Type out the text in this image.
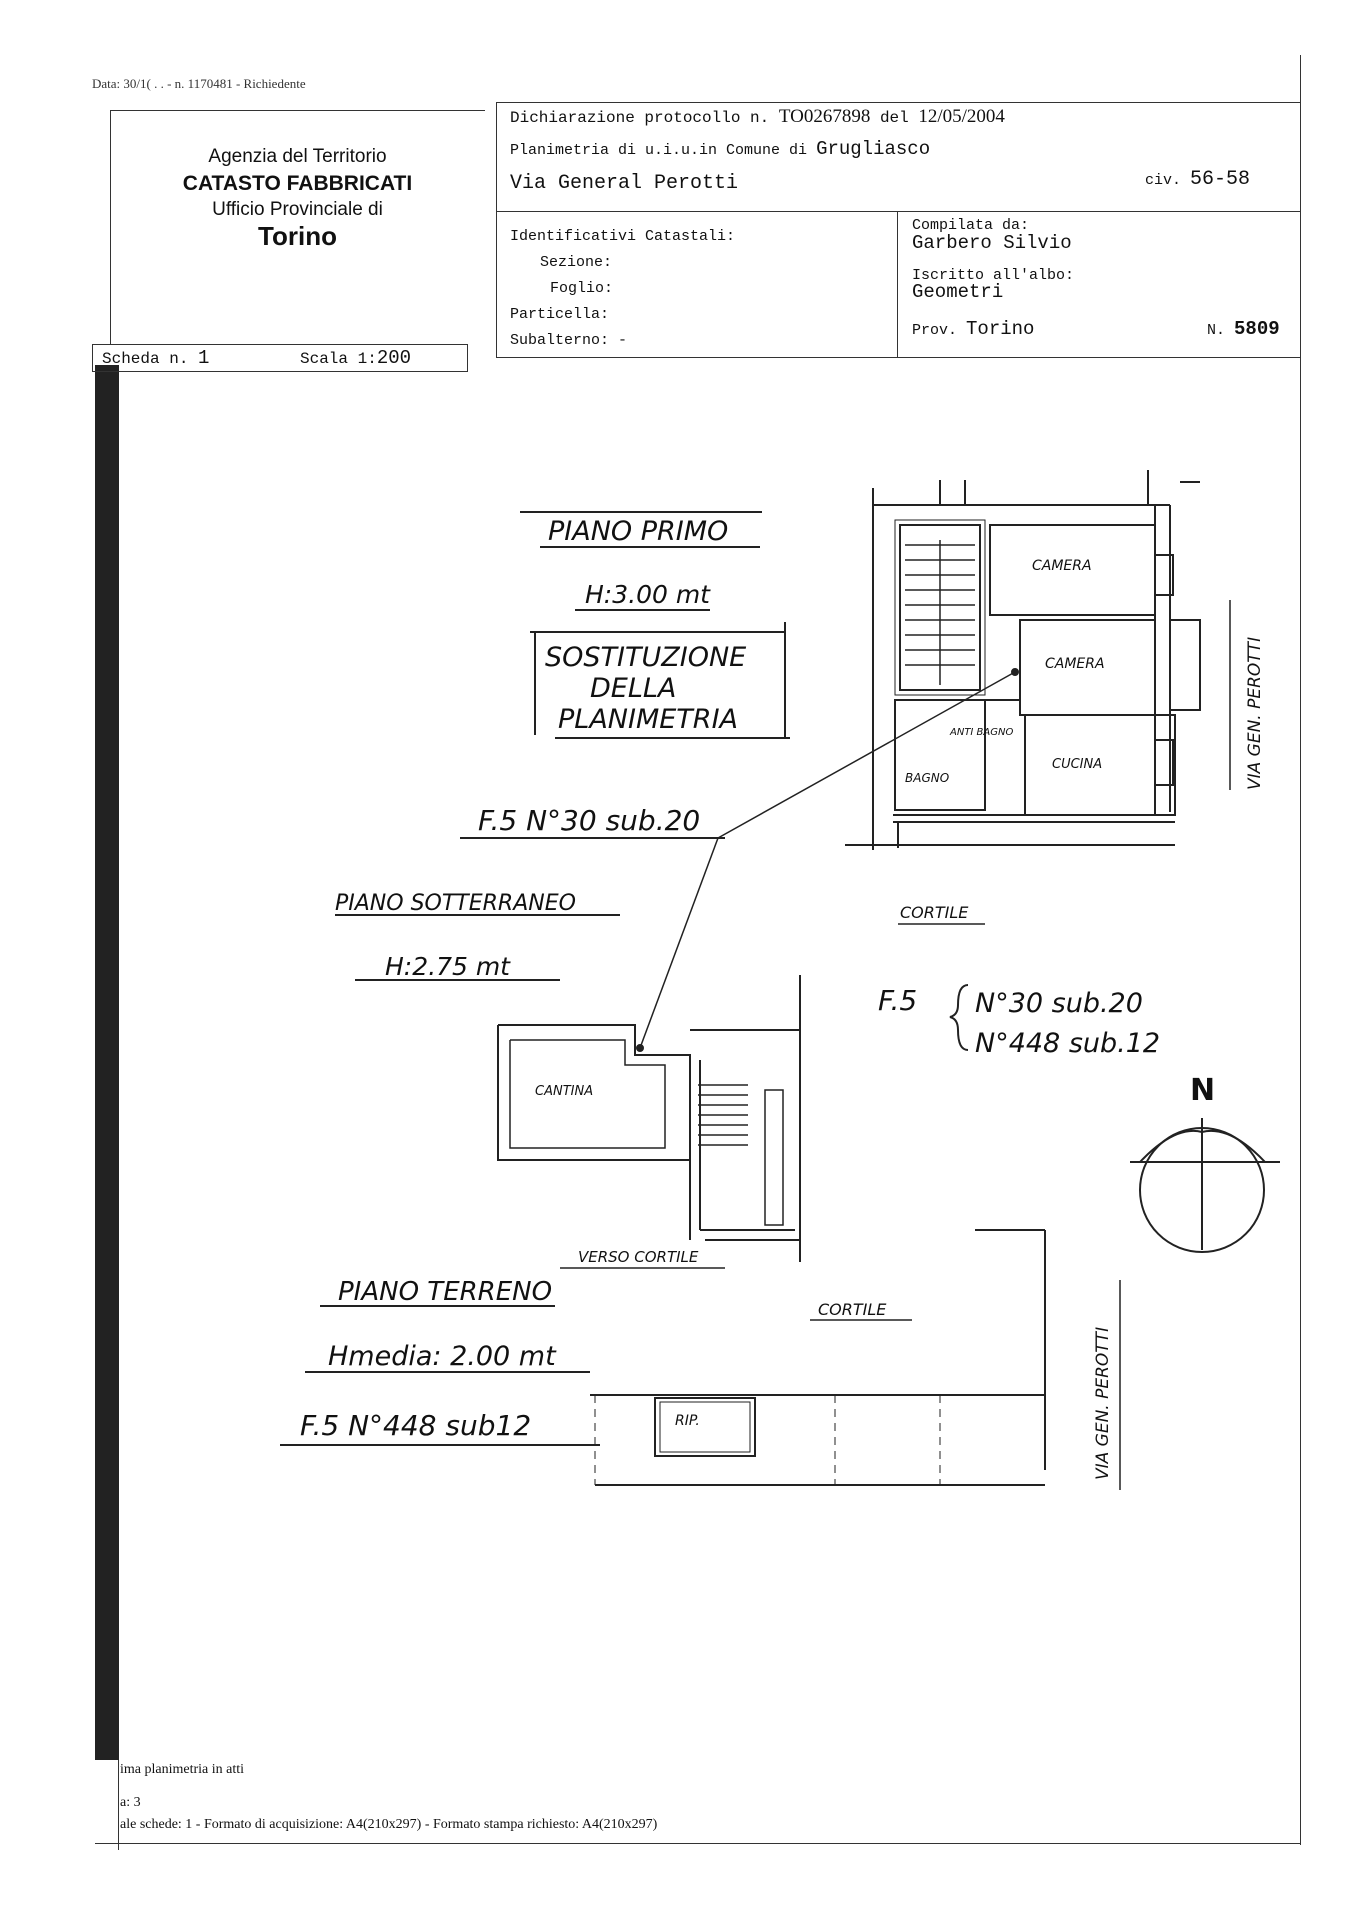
Data: 30/1( . . - n. 1170481 - Richiedente
Agenzia del Territorio
CATASTO FABBRICATI
Ufficio Provinciale di
Torino
Dichiarazione protocollo n. TO0267898 del 12/05/2004
Planimetria di u.i.u.in Comune di Grugliasco
Via General Perotti	civ. 56-58
Identificativi Catastali:
Sezione:
Foglio:
Particella:
Subalterno: -
Compilata da:
Garbero Silvio
Iscritto all'albo:
Geometri
Prov. Torino	N. 5809
Scheda n. 1	Scala 1:200
PIANO PRIMO
H:3.00 mt
SOSTITUZIONE
DELLA
PLANIMETRIA
CAMERA
CAMERA
ANTI BAGNO
BAGNO
CUCINA	VIA GEN. PEROTTI
F.5 N°30 sub.20
CORTILE
PIANO SOTTERRANEO
H:2.75 mt
CANTINA
VERSO CORTILE
F.5 N°30 sub.20
N°448 sub.12
N
CORTILE
PIANO TERRENO
Hmedia: 2.00 mt
F.5 N°448 sub12	RIP.	VIA GEN. PEROTTI
ima planimetria in atti
a: 3
ale schede: 1 - Formato di acquisizione: A4(210x297) - Formato stampa richiesto: A4(210x297)
